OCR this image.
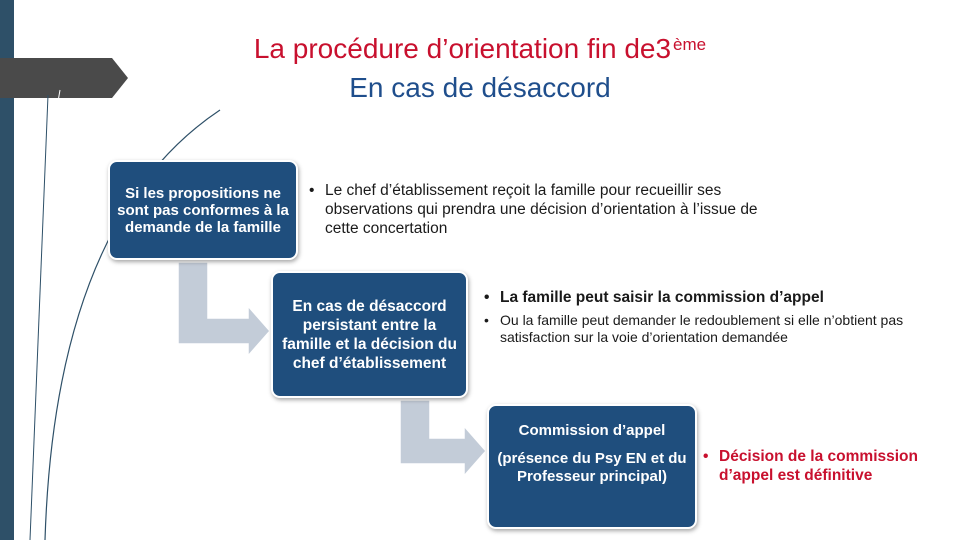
La procédure d’orientation fin de3 $^{ème}$
En cas de désaccord
Si les propositions ne sont pas conformes à la demande de la famille
• Le chef d’établissement reçoit la famille pour recueillir ses observations qui prendra une décision d’orientation à l’issue de cette concertation
En cas de désaccord persistant entre la famille et la décision du chef d’établissement
• La famille peut saisir la commission d’appel
• Ou la famille peut demander le redoublement si elle n’obtient pas satisfaction sur la voie d’orientation demandée
Commission d’appel
(présence du Psy EN et du Professeur principal)
• Décision de la commission d’appel est définitive
